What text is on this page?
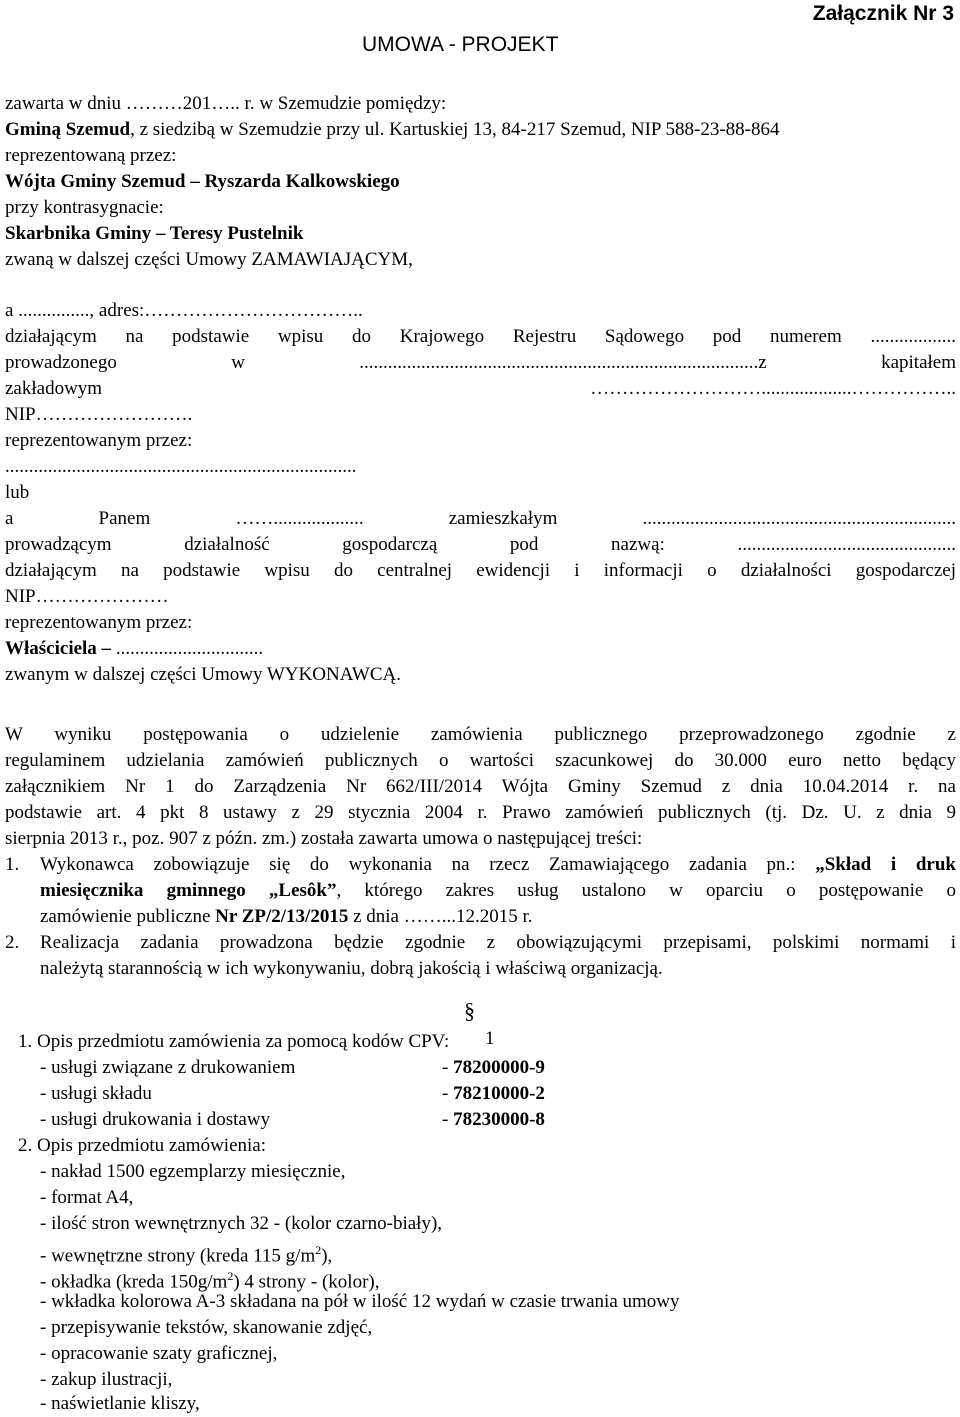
Załącznik Nr 3
UMOWA - PROJEKT
zawarta w dniu ………201….. r. w Szemudzie pomiędzy:
Gminą Szemud, z siedzibą w Szemudzie przy ul. Kartuskiej 13, 84-217 Szemud, NIP 588-23-88-864
reprezentowaną przez:
Wójta Gminy Szemud – Ryszarda Kalkowskiego
przy kontrasygnacie:
Skarbnika Gminy – Teresy Pustelnik
zwaną w dalszej części Umowy ZAMAWIAJĄCYM,
a ..............., adres:……………………………..
działającym na podstawie wpisu do Krajowego Rejestru Sądowego pod numerem ..................
prowadzonego w ....................................................................................z kapitałem
zakładowym ………………………...................……………..
NIP…………………….
reprezentowanym przez:
..........................................................................
lub
a Panem ……................... zamieszkałym ..................................................................
prowadzącym działalność gospodarczą pod nazwą: ..............................................
działającym na podstawie wpisu do centralnej ewidencji i informacji o działalności gospodarczej
NIP…………………
reprezentowanym przez:
Właściciela – ...............................
zwanym w dalszej części Umowy WYKONAWCĄ.
W wyniku postępowania o udzielenie zamówienia publicznego przeprowadzonego zgodnie z
regulaminem udzielania zamówień publicznych o wartości szacunkowej do 30.000 euro netto będący
załącznikiem Nr 1 do Zarządzenia Nr 662/III/2014 Wójta Gminy Szemud z dnia 10.04.2014 r. na
podstawie art. 4 pkt 8 ustawy z 29 stycznia 2004 r. Prawo zamówień publicznych (tj. Dz. U. z dnia 9
sierpnia 2013 r., poz. 907 z późn. zm.) została zawarta umowa o następującej treści:
1. Wykonawca zobowiązuje się do wykonania na rzecz Zamawiającego zadania pn.: „Skład i druk
miesięcznika gminnego „Lesôk”, którego zakres usług ustalono w oparciu o postępowanie o
zamówienie publiczne Nr ZP/2/13/2015 z dnia ……...12.2015 r.
2. Realizacja zadania prowadzona będzie zgodnie z obowiązującymi przepisami, polskimi normami i
należytą starannością w ich wykonywaniu, dobrą jakością i właściwą organizacją.
§
1
1. Opis przedmiotu zamówienia za pomocą kodów CPV:
- usługi związane z drukowaniem	- 78200000-9
- usługi składu	- 78210000-2
- usługi drukowania i dostawy	- 78230000-8
2. Opis przedmiotu zamówienia:
- nakład 1500 egzemplarzy miesięcznie,
- format A4,
- ilość stron wewnętrznych 32 - (kolor czarno-biały),
- wewnętrzne strony (kreda 115 $g/m^2$),
- okładka (kreda $150g/m^2$) 4 strony - (kolor),
- wkładka kolorowa A-3 składana na pół w ilość 12 wydań w czasie trwania umowy
- przepisywanie tekstów, skanowanie zdjęć,
- opracowanie szaty graficznej,
- zakup ilustracji,
- naświetlanie kliszy,
